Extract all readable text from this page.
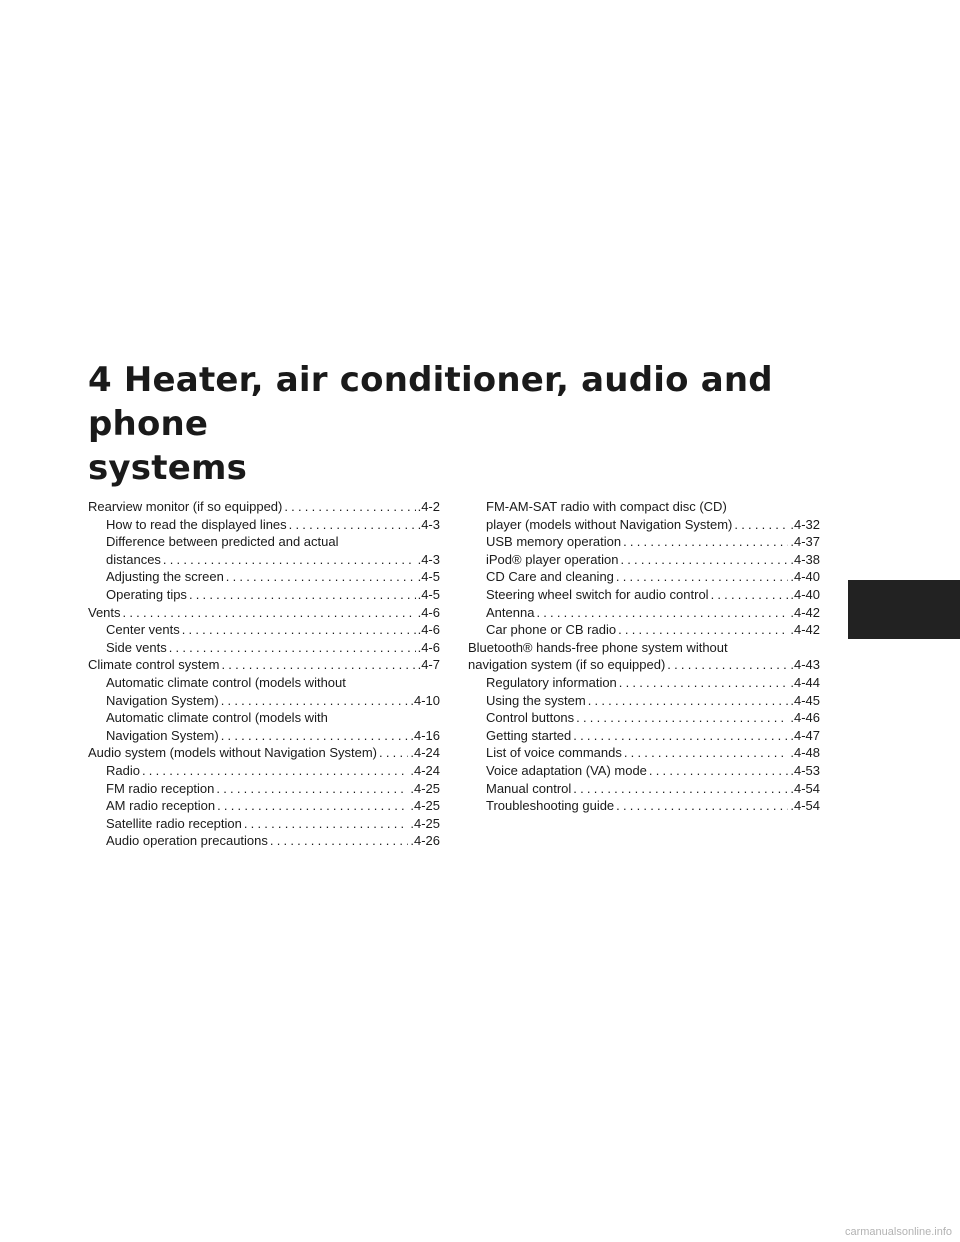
4 Heater, air conditioner, audio and phone
systems
Rearview monitor (if so equipped) .....	.4-2
How to read the displayed lines .....	.4-3
Difference between predicted and actual
distances .....	.4-3
Adjusting the screen .....	.4-5
Operating tips .....	.4-5
Vents .....	.4-6
Center vents .....	.4-6
Side vents .....	.4-6
Climate control system .....	.4-7
Automatic climate control (models without
Navigation System) .....	.4-10
Automatic climate control (models with
Navigation System) .....	.4-16
Audio system (models without Navigation System) .....	.4-24
Radio .....	.4-24
FM radio reception .....	.4-25
AM radio reception .....	.4-25
Satellite radio reception .....	.4-25
Audio operation precautions .....	.4-26
FM-AM-SAT radio with compact disc (CD)
player (models without Navigation System) .....	.4-32
USB memory operation .....	.4-37
iPod® player operation .....	.4-38
CD Care and cleaning .....	.4-40
Steering wheel switch for audio control .....	.4-40
Antenna .....	.4-42
Car phone or CB radio .....	.4-42
Bluetooth® hands-free phone system without
navigation system (if so equipped) .....	.4-43
Regulatory information .....	.4-44
Using the system .....	.4-45
Control buttons .....	.4-46
Getting started .....	.4-47
List of voice commands .....	.4-48
Voice adaptation (VA) mode .....	.4-53
Manual control .....	.4-54
Troubleshooting guide .....	.4-54
carmanualsonline.info
